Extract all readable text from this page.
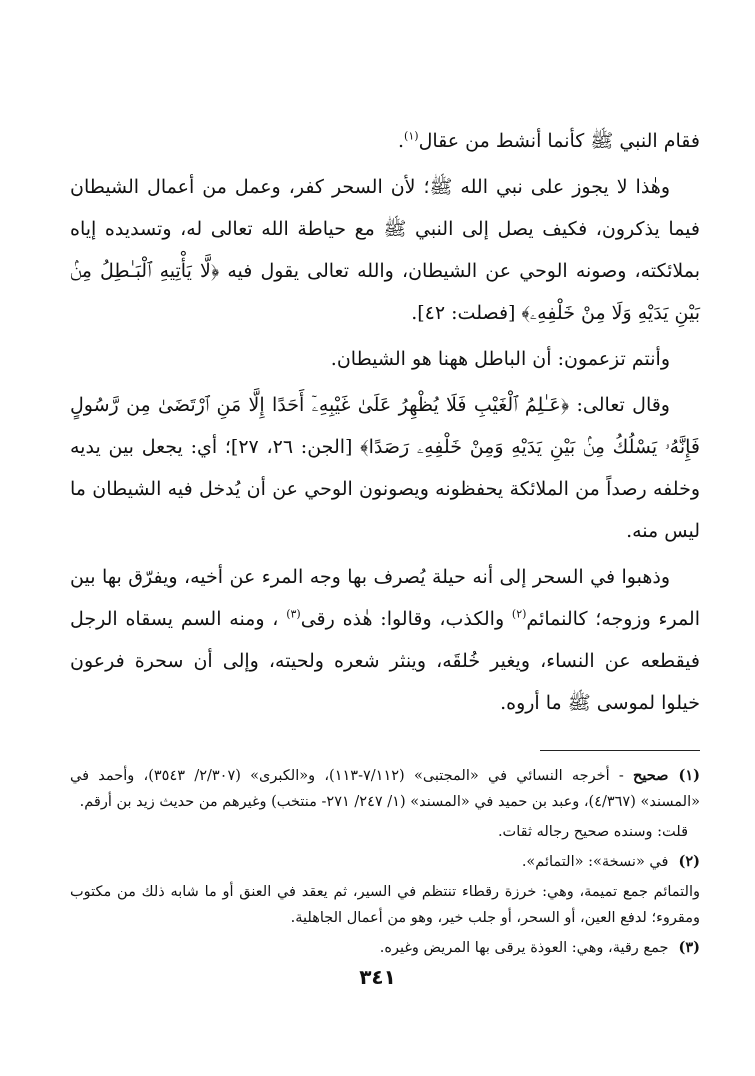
فقام النبي ﷺ كأنما أنشط من عقال$^{(١)}$.

وهٰذا لا يجوز على نبي الله ﷺ؛ لأن السحر كفر، وعمل من أعمال الشيطان فيما يذكرون، فكيف يصل إلى النبي ﷺ مع حياطة الله تعالى له، وتسديده إياه بملائكته، وصونه الوحي عن الشيطان، والله تعالى يقول فيه ﴿لَّا يَأْتِيهِ ٱلْبَـٰطِلُ مِنۢ بَيْنِ يَدَيْهِ وَلَا مِنْ خَلْفِهِۦ﴾ [فصلت: ٤٢].

وأنتم تزعمون: أن الباطل ههنا هو الشيطان.

وقال تعالى: ﴿عَـٰلِمُ ٱلْغَيْبِ فَلَا يُظْهِرُ عَلَىٰ غَيْبِهِۦٓ أَحَدًا إِلَّا مَنِ ٱرْتَضَىٰ مِن رَّسُولٍ فَإِنَّهُۥ يَسْلُكُ مِنۢ بَيْنِ يَدَيْهِ وَمِنْ خَلْفِهِۦ رَصَدًا﴾ [الجن: ٢٦، ٢٧]؛ أي: يجعل بين يديه وخلفه رصداً من الملائكة يحفظونه ويصونون الوحي عن أن يُدخل فيه الشيطان ما ليس منه.

وذهبوا في السحر إلى أنه حيلة يُصرف بها وجه المرء عن أخيه، ويفرّق بها بين المرء وزوجه؛ كالنمائم$^{(٢)}$ والكذب، وقالوا: هٰذه رقى$^{(٣)}$ ، ومنه السم يسقاه الرجل فيقطعه عن النساء، ويغير خُلقَه، وينثر شعره ولحيته، وإلى أن سحرة فرعون خيلوا لموسى ﷺ ما أروه.

(١)صحيح - أخرجه النسائي في «المجتبى» (٧/١١٢-١١٣)، و«الكبرى» (٢/٣٠٧/ ٣٥٤٣)، وأحمد في «المسند» (٤/٣٦٧)، وعبد بن حميد في «المسند» (١/ ٢٤٧/ ٢٧١- منتخب) وغيرهم من حديث زيد بن أرقم.

قلت: وسنده صحيح رجاله ثقات.

(٢)في «نسخة»: «التمائم».

والتمائم جمع تميمة، وهي: خرزة رقطاء تنتظم في السير، ثم يعقد في العنق أو ما شابه ذلك من مكتوب ومقروء؛ لدفع العين، أو السحر، أو جلب خير، وهو من أعمال الجاهلية.

(٣)جمع رقية، وهي: العوذة يرقى بها المريض وغيره.

٣٤١
